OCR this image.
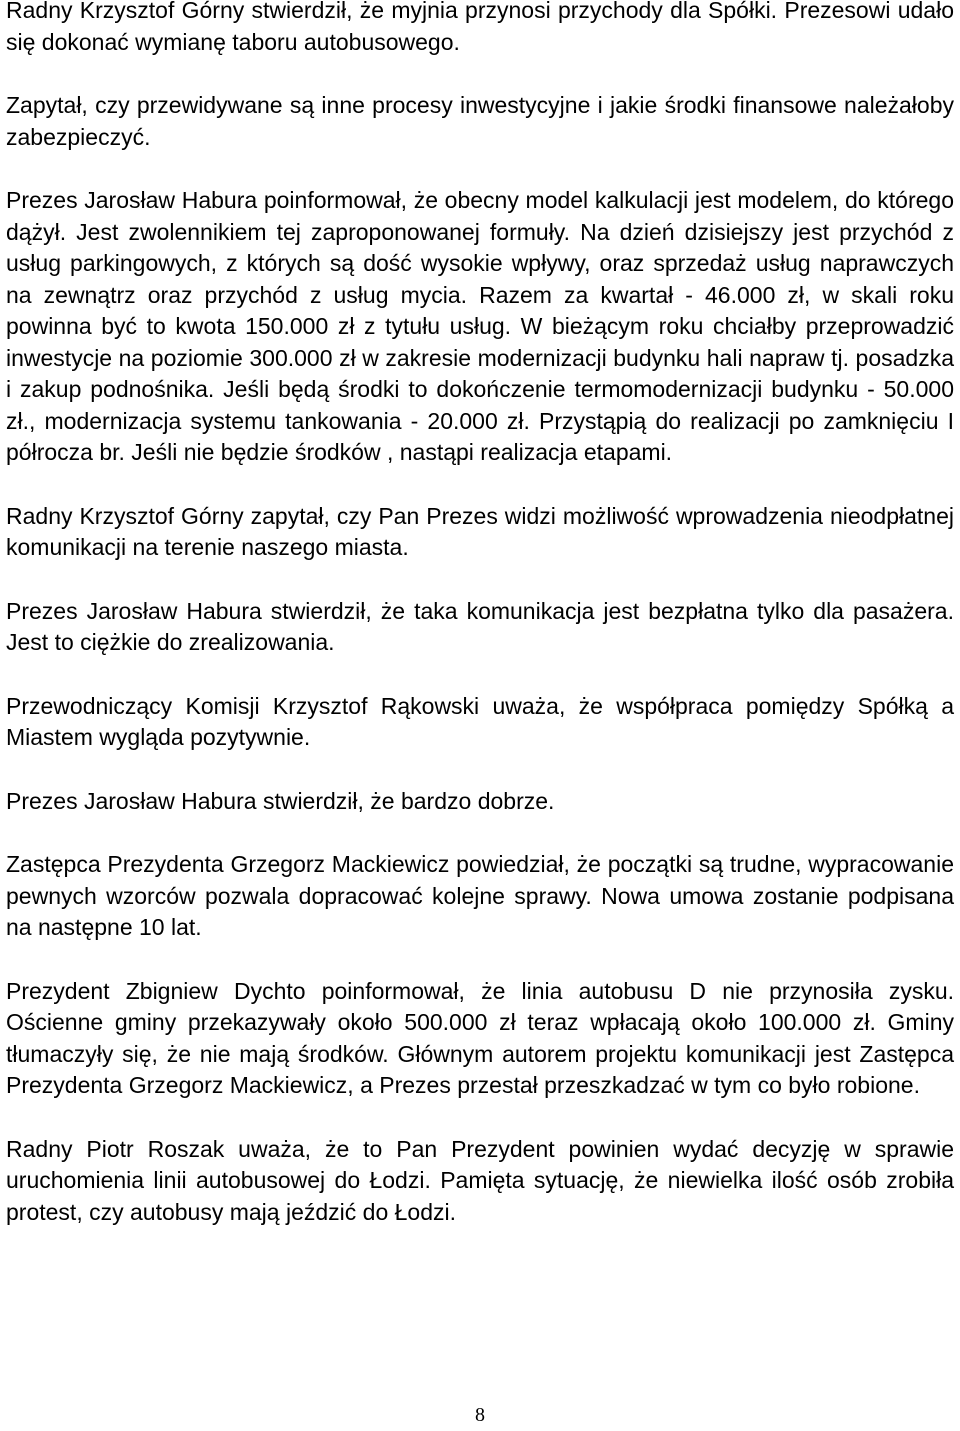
Radny Krzysztof Górny stwierdził, że myjnia przynosi przychody dla Spółki. Prezesowi udało się dokonać wymianę taboru autobusowego.

Zapytał, czy przewidywane są inne procesy inwestycyjne i jakie środki finansowe należałoby zabezpieczyć.

Prezes Jarosław Habura poinformował, że obecny model kalkulacji jest modelem, do którego dążył. Jest zwolennikiem tej zaproponowanej formuły. Na dzień dzisiejszy jest przychód z usług parkingowych, z których są dość wysokie wpływy, oraz sprzedaż usług naprawczych na zewnątrz oraz przychód z usług mycia. Razem za kwartał - 46.000 zł, w skali roku powinna być to kwota 150.000 zł z tytułu usług. W bieżącym roku chciałby przeprowadzić inwestycje na poziomie 300.000 zł w zakresie modernizacji budynku hali napraw tj. posadzka i zakup podnośnika. Jeśli będą środki to dokończenie termomodernizacji budynku - 50.000 zł., modernizacja systemu tankowania - 20.000 zł. Przystąpią do realizacji po zamknięciu I półrocza br. Jeśli nie będzie środków , nastąpi realizacja etapami.

Radny Krzysztof Górny zapytał, czy Pan Prezes widzi możliwość wprowadzenia nieodpłatnej komunikacji na terenie naszego miasta.

Prezes Jarosław Habura stwierdził, że taka komunikacja jest bezpłatna tylko dla pasażera. Jest to ciężkie do zrealizowania.

Przewodniczący Komisji Krzysztof Rąkowski uważa, że współpraca pomiędzy Spółką a Miastem wygląda pozytywnie.

Prezes Jarosław Habura stwierdził, że bardzo dobrze.

Zastępca Prezydenta Grzegorz Mackiewicz powiedział, że początki są trudne, wypracowanie pewnych wzorców pozwala dopracować kolejne sprawy. Nowa umowa zostanie podpisana na następne 10 lat.

Prezydent Zbigniew Dychto poinformował, że linia autobusu D nie przynosiła zysku. Ościenne gminy przekazywały około 500.000 zł teraz wpłacają około 100.000 zł. Gminy tłumaczyły się, że nie mają środków. Głównym autorem projektu komunikacji jest Zastępca Prezydenta Grzegorz Mackiewicz, a Prezes przestał przeszkadzać w tym co było robione.

Radny Piotr Roszak uważa, że to Pan Prezydent powinien wydać decyzję w sprawie uruchomienia linii autobusowej do Łodzi. Pamięta sytuację, że niewielka ilość osób zrobiła protest, czy autobusy mają jeździć do Łodzi.

8
